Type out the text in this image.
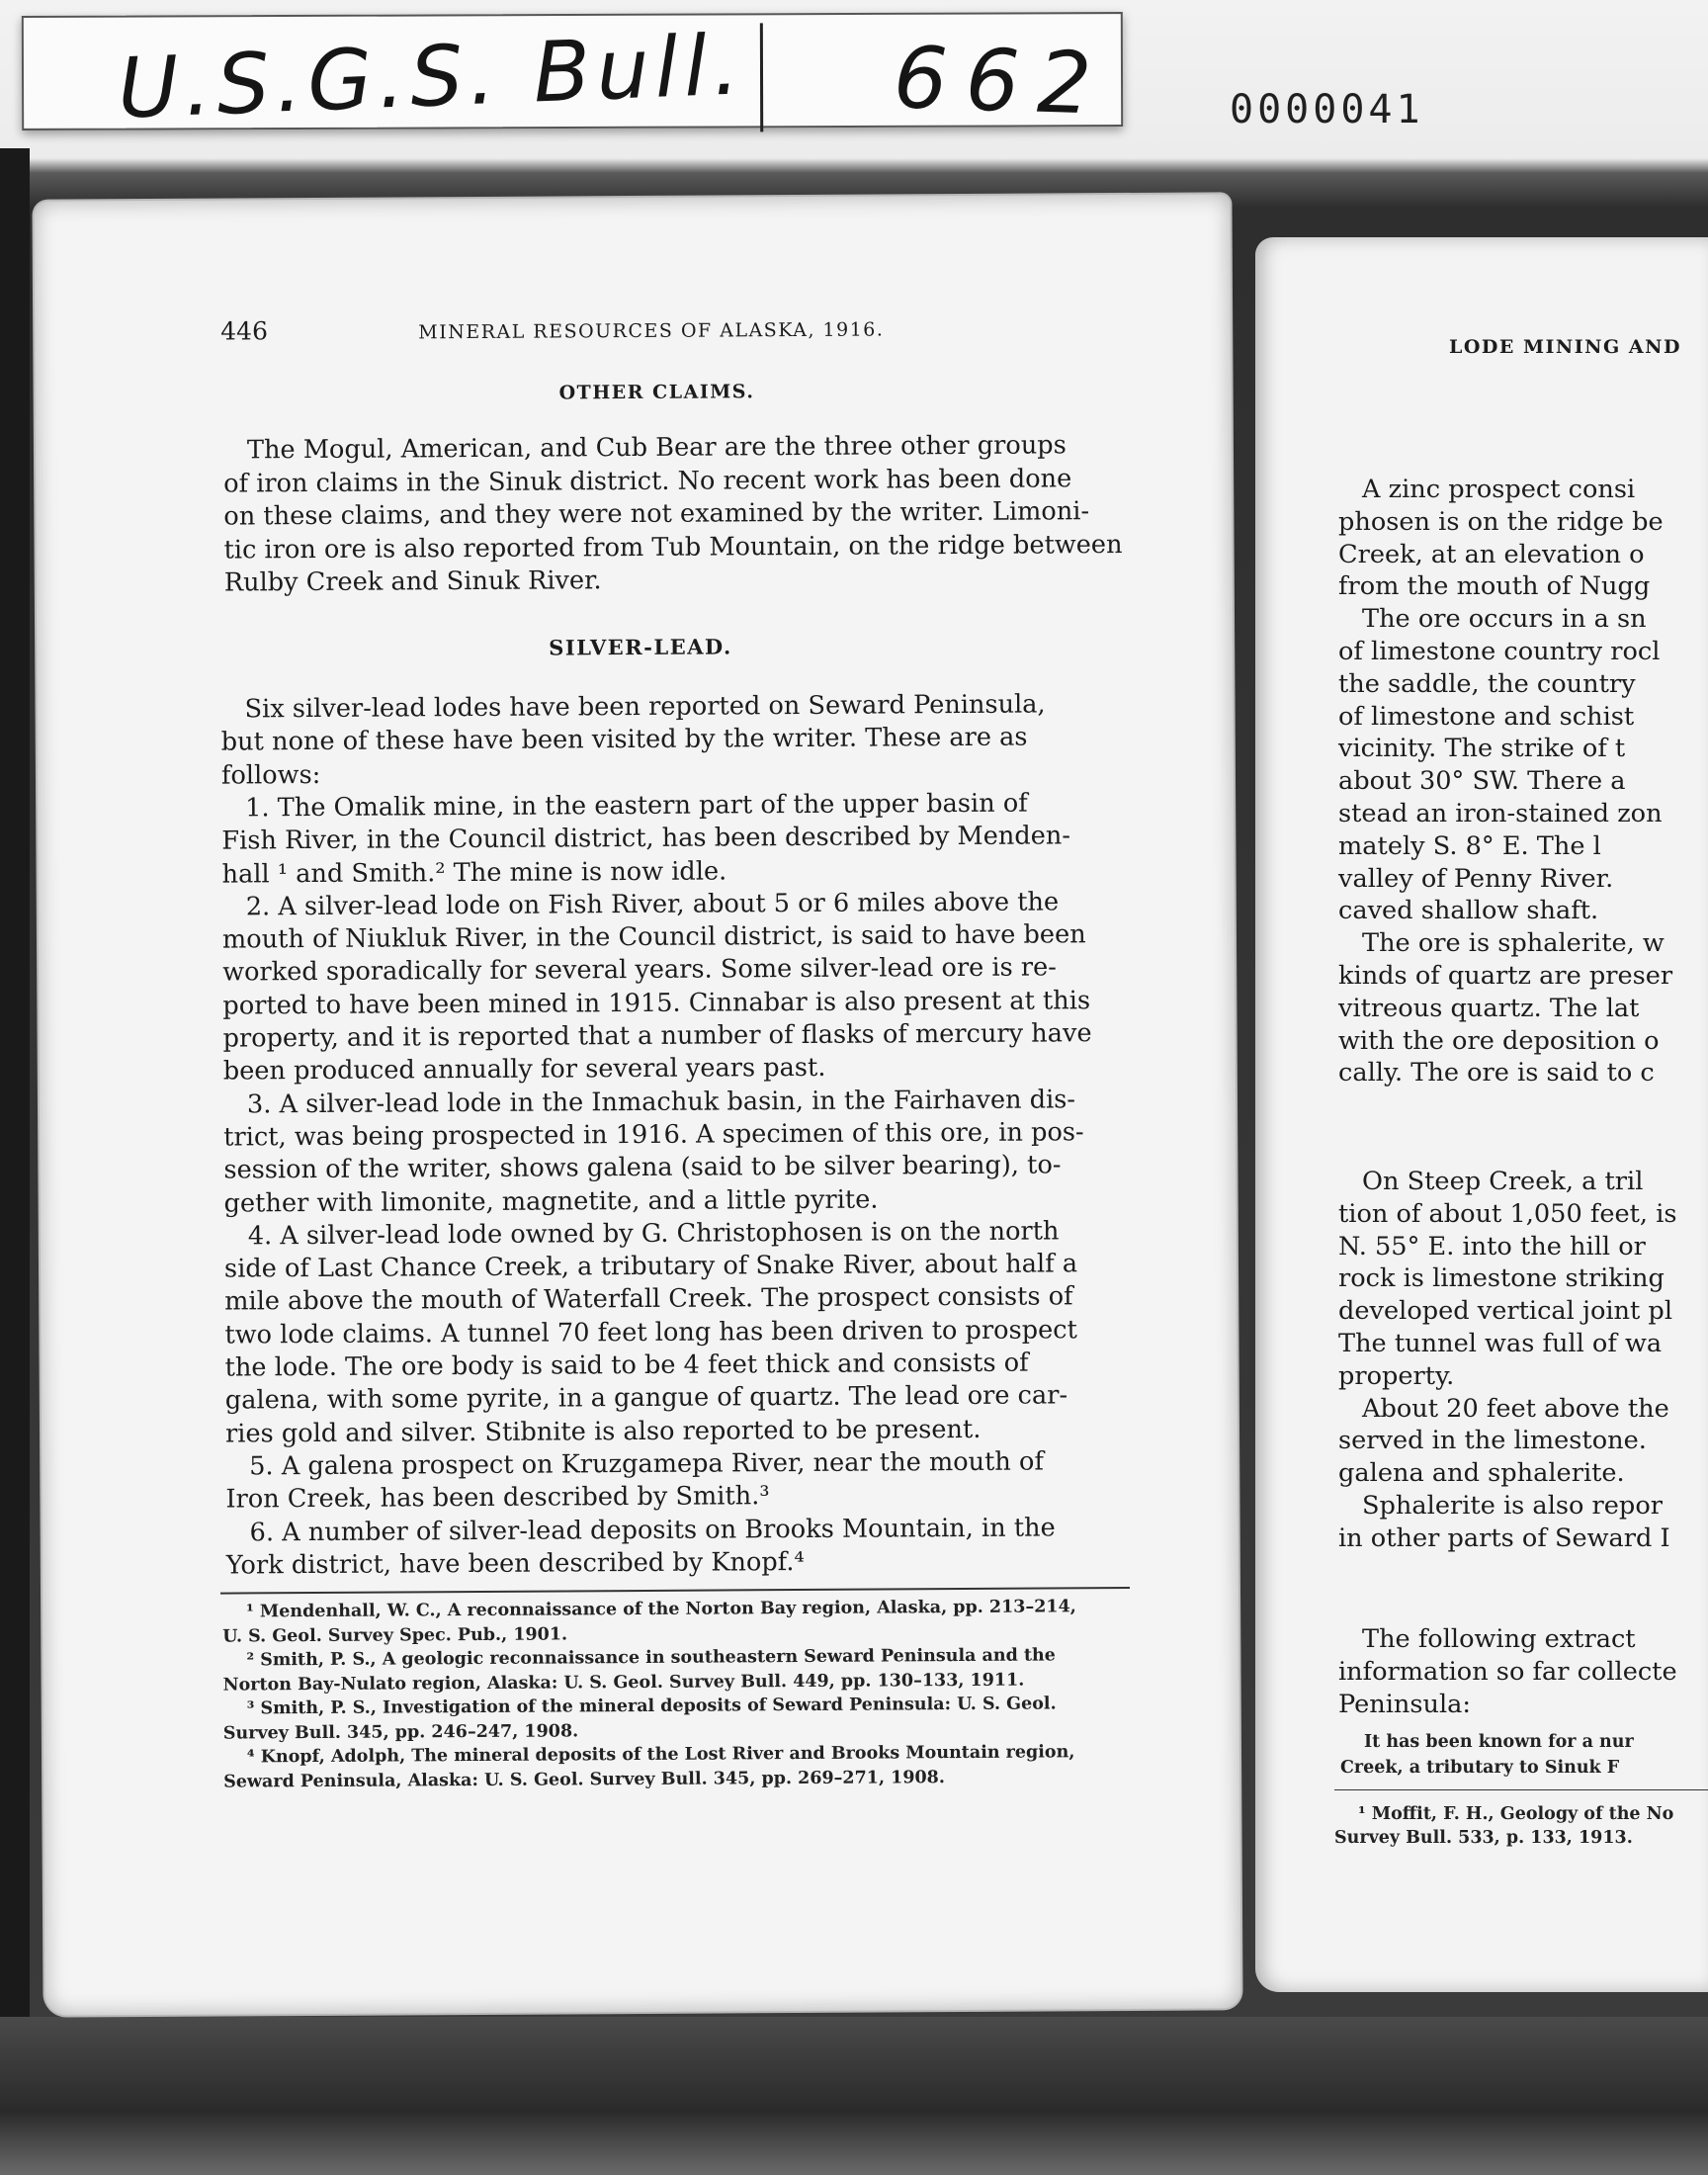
U.S.G.S. Bull. 662	0000041
446	MINERAL RESOURCES OF ALASKA, 1916.
OTHER CLAIMS.
The Mogul, American, and Cub Bear are the three other groups
of iron claims in the Sinuk district. No recent work has been done
on these claims, and they were not examined by the writer. Limoni-
tic iron ore is also reported from Tub Mountain, on the ridge between
Rulby Creek and Sinuk River.
SILVER-LEAD.
Six silver-lead lodes have been reported on Seward Peninsula,
but none of these have been visited by the writer. These are as
follows:
1. The Omalik mine, in the eastern part of the upper basin of
Fish River, in the Council district, has been described by Menden-
hall ¹ and Smith.² The mine is now idle.
2. A silver-lead lode on Fish River, about 5 or 6 miles above the
mouth of Niukluk River, in the Council district, is said to have been
worked sporadically for several years. Some silver-lead ore is re-
ported to have been mined in 1915. Cinnabar is also present at this
property, and it is reported that a number of flasks of mercury have
been produced annually for several years past.
3. A silver-lead lode in the Inmachuk basin, in the Fairhaven dis-
trict, was being prospected in 1916. A specimen of this ore, in pos-
session of the writer, shows galena (said to be silver bearing), to-
gether with limonite, magnetite, and a little pyrite.
4. A silver-lead lode owned by G. Christophosen is on the north
side of Last Chance Creek, a tributary of Snake River, about half a
mile above the mouth of Waterfall Creek. The prospect consists of
two lode claims. A tunnel 70 feet long has been driven to prospect
the lode. The ore body is said to be 4 feet thick and consists of
galena, with some pyrite, in a gangue of quartz. The lead ore car-
ries gold and silver. Stibnite is also reported to be present.
5. A galena prospect on Kruzgamepa River, near the mouth of
Iron Creek, has been described by Smith.³
6. A number of silver-lead deposits on Brooks Mountain, in the
York district, have been described by Knopf.⁴
¹ Mendenhall, W. C., A reconnaissance of the Norton Bay region, Alaska, pp. 213–214,
U. S. Geol. Survey Spec. Pub., 1901.
² Smith, P. S., A geologic reconnaissance in southeastern Seward Peninsula and the
Norton Bay-Nulato region, Alaska: U. S. Geol. Survey Bull. 449, pp. 130–133, 1911.
³ Smith, P. S., Investigation of the mineral deposits of Seward Peninsula: U. S. Geol.
Survey Bull. 345, pp. 246–247, 1908.
⁴ Knopf, Adolph, The mineral deposits of the Lost River and Brooks Mountain region,
Seward Peninsula, Alaska: U. S. Geol. Survey Bull. 345, pp. 269–271, 1908.
LODE MINING AND
A zinc prospect consi
phosen is on the ridge be
Creek, at an elevation o
from the mouth of Nugg
The ore occurs in a sn
of limestone country rocl
the saddle, the country
of limestone and schist
vicinity. The strike of t
about 30° SW. There a
stead an iron-stained zon
mately S. 8° E. The l
valley of Penny River.
caved shallow shaft.
The ore is sphalerite, w
kinds of quartz are preser
vitreous quartz. The lat
with the ore deposition o
cally. The ore is said to c
On Steep Creek, a tril
tion of about 1,050 feet, is
N. 55° E. into the hill or
rock is limestone striking
developed vertical joint pl
The tunnel was full of wa
property.
About 20 feet above the
served in the limestone.
galena and sphalerite.
Sphalerite is also repor
in other parts of Seward I
The following extract
information so far collecte
Peninsula:
It has been known for a nur
Creek, a tributary to Sinuk F
¹ Moffit, F. H., Geology of the No
Survey Bull. 533, p. 133, 1913.
